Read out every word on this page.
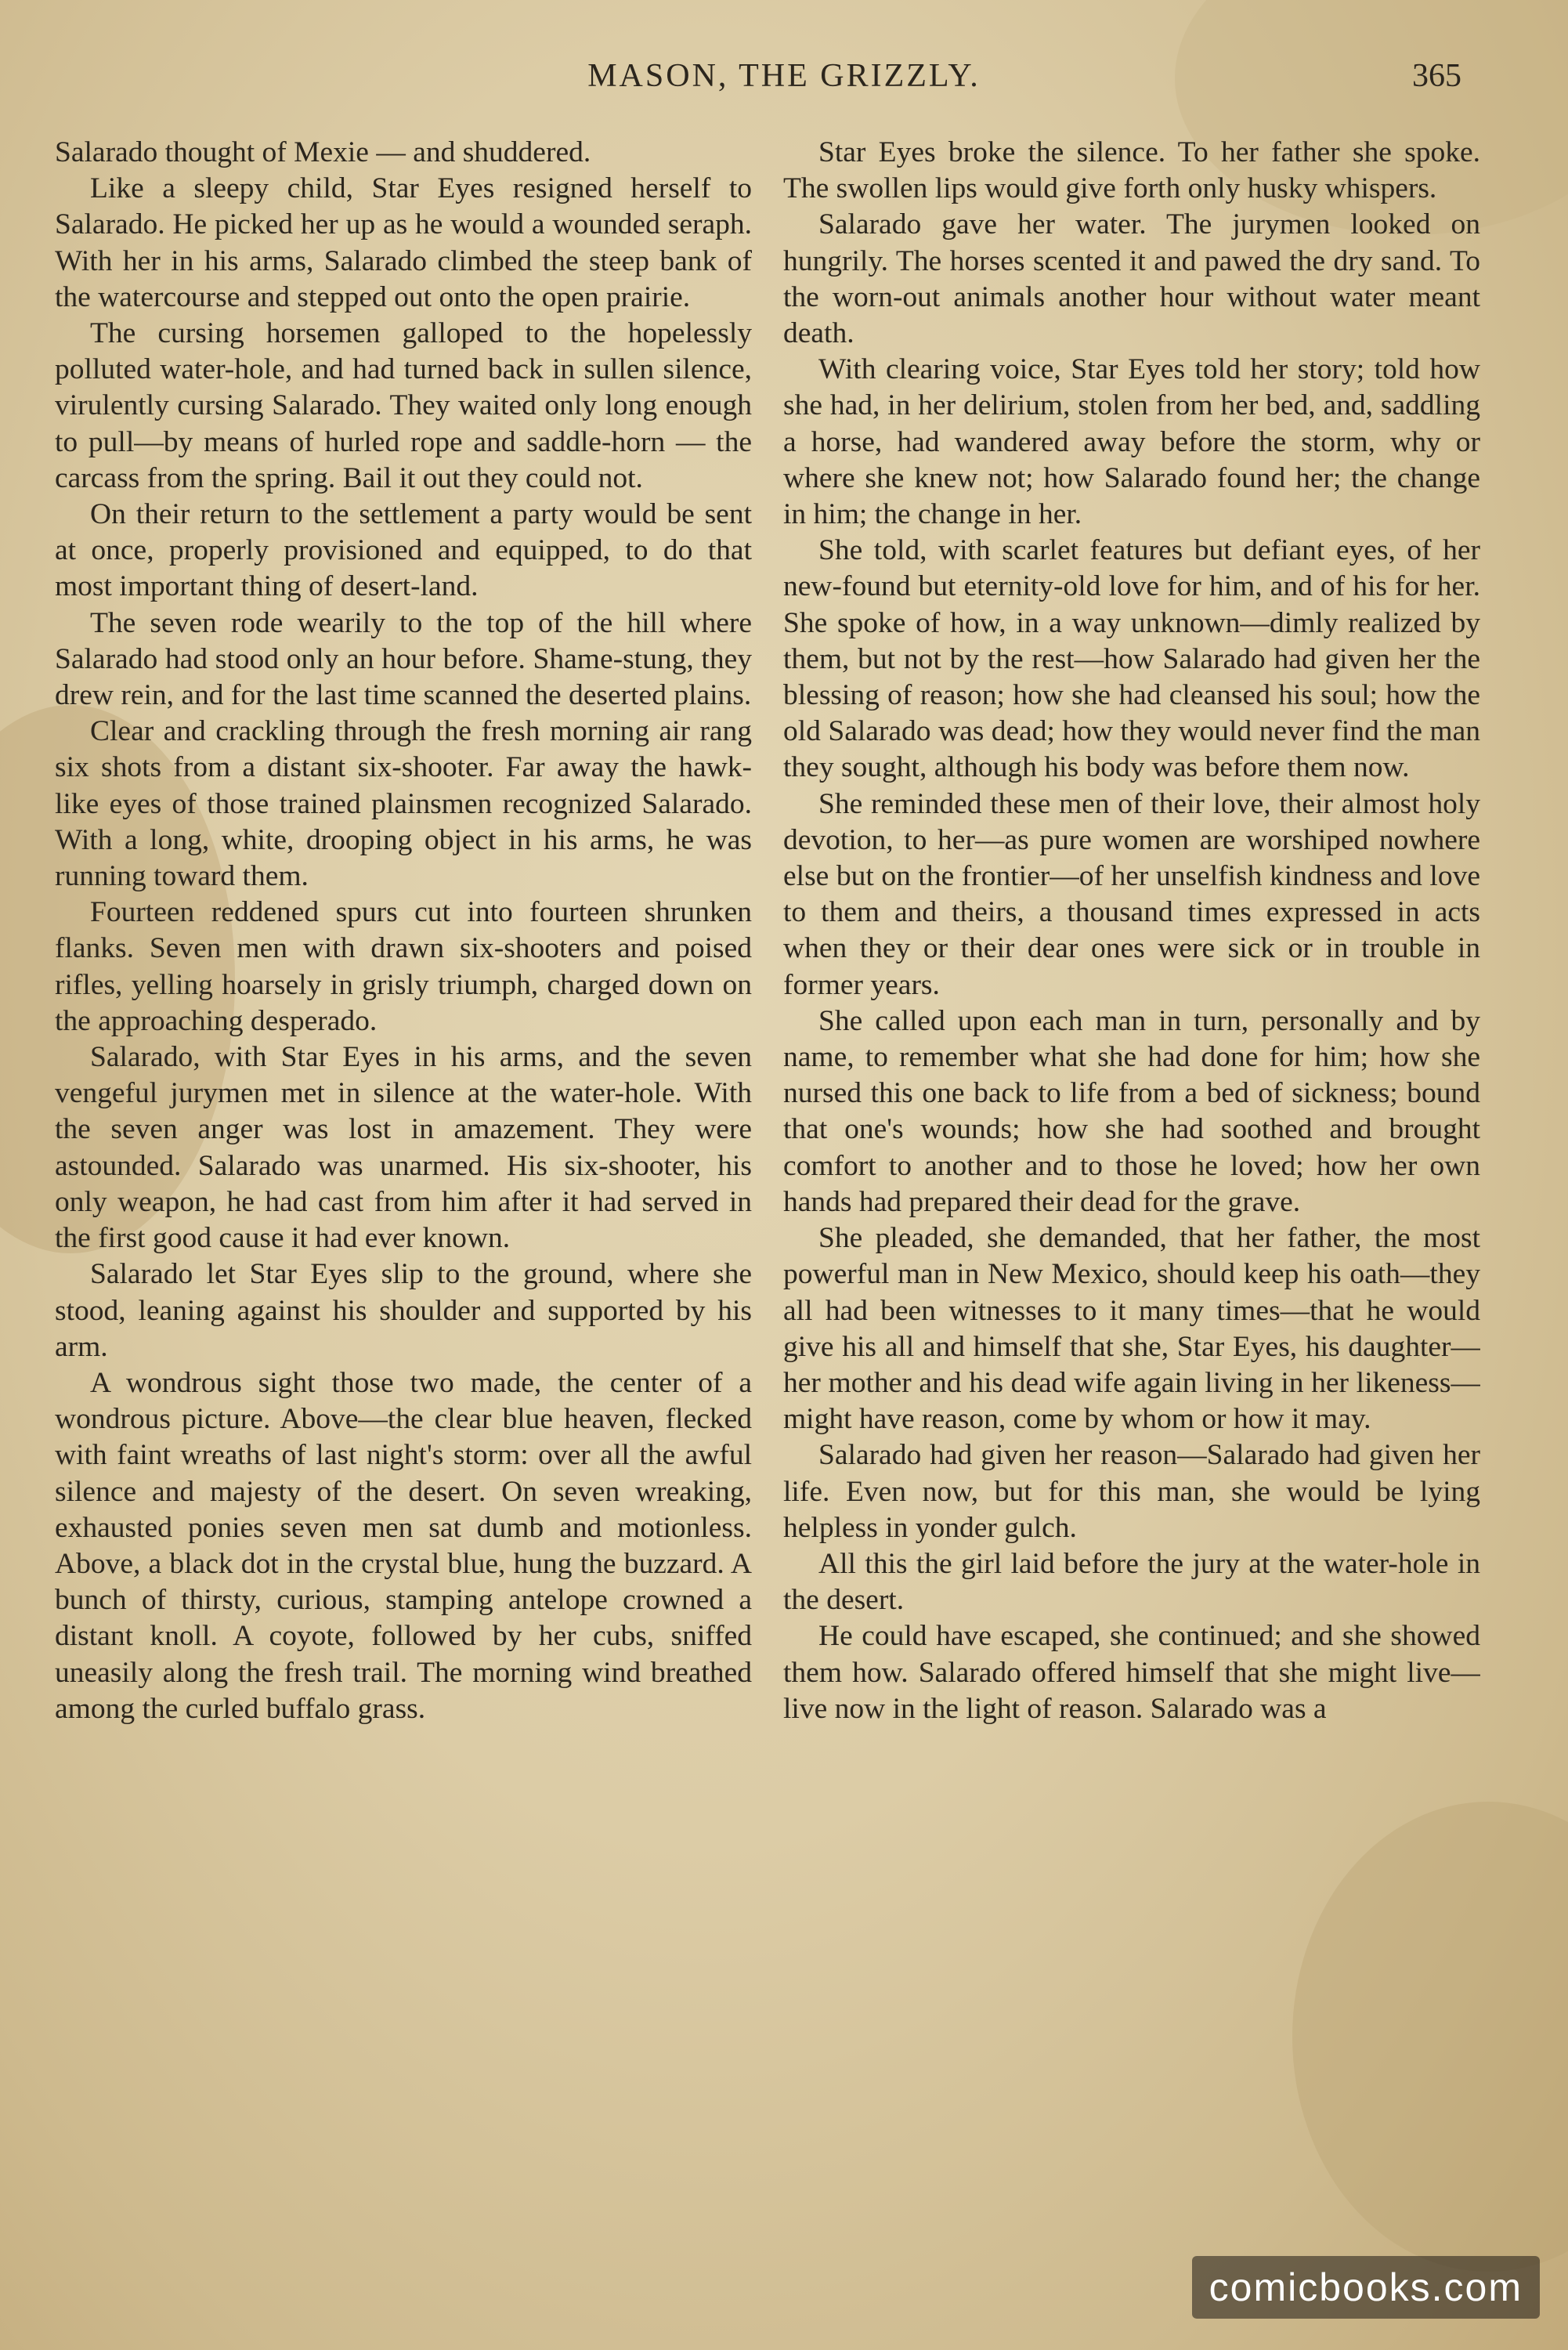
MASON, THE GRIZZLY.	365

Salarado thought of Mexie — and shuddered.

Like a sleepy child, Star Eyes resigned herself to Salarado. He picked her up as he would a wounded seraph. With her in his arms, Salarado climbed the steep bank of the watercourse and stepped out onto the open prairie.

The cursing horsemen galloped to the hopelessly polluted water-hole, and had turned back in sullen silence, virulently cursing Salarado. They waited only long enough to pull—by means of hurled rope and saddle-horn — the carcass from the spring. Bail it out they could not.

On their return to the settlement a party would be sent at once, properly provisioned and equipped, to do that most important thing of desert-land.

The seven rode wearily to the top of the hill where Salarado had stood only an hour before. Shame-stung, they drew rein, and for the last time scanned the deserted plains.

Clear and crackling through the fresh morning air rang six shots from a distant six-shooter. Far away the hawk-like eyes of those trained plainsmen recognized Salarado. With a long, white, drooping object in his arms, he was running toward them.

Fourteen reddened spurs cut into fourteen shrunken flanks. Seven men with drawn six-shooters and poised rifles, yelling hoarsely in grisly triumph, charged down on the approaching desperado.

Salarado, with Star Eyes in his arms, and the seven vengeful jurymen met in silence at the water-hole. With the seven anger was lost in amazement. They were astounded. Salarado was unarmed. His six-shooter, his only weapon, he had cast from him after it had served in the first good cause it had ever known.

Salarado let Star Eyes slip to the ground, where she stood, leaning against his shoulder and supported by his arm.

A wondrous sight those two made, the center of a wondrous picture. Above—the clear blue heaven, flecked with faint wreaths of last night's storm: over all the awful silence and majesty of the desert. On seven wreaking, exhausted ponies seven men sat dumb and motionless. Above, a black dot in the crystal blue, hung the buzzard. A bunch of thirsty, curious, stamping antelope crowned a distant knoll. A coyote, followed by her cubs, sniffed uneasily along the fresh trail. The morning wind breathed among the curled buffalo grass.

Star Eyes broke the silence. To her father she spoke. The swollen lips would give forth only husky whispers.

Salarado gave her water. The jurymen looked on hungrily. The horses scented it and pawed the dry sand. To the worn-out animals another hour without water meant death.

With clearing voice, Star Eyes told her story; told how she had, in her delirium, stolen from her bed, and, saddling a horse, had wandered away before the storm, why or where she knew not; how Salarado found her; the change in him; the change in her.

She told, with scarlet features but defiant eyes, of her new-found but eternity-old love for him, and of his for her. She spoke of how, in a way unknown—dimly realized by them, but not by the rest—how Salarado had given her the blessing of reason; how she had cleansed his soul; how the old Salarado was dead; how they would never find the man they sought, although his body was before them now.

She reminded these men of their love, their almost holy devotion, to her—as pure women are worshiped nowhere else but on the frontier—of her unselfish kindness and love to them and theirs, a thousand times expressed in acts when they or their dear ones were sick or in trouble in former years.

She called upon each man in turn, personally and by name, to remember what she had done for him; how she nursed this one back to life from a bed of sickness; bound that one's wounds; how she had soothed and brought comfort to another and to those he loved; how her own hands had prepared their dead for the grave.

She pleaded, she demanded, that her father, the most powerful man in New Mexico, should keep his oath—they all had been witnesses to it many times—that he would give his all and himself that she, Star Eyes, his daughter—her mother and his dead wife again living in her likeness—might have reason, come by whom or how it may.

Salarado had given her reason—Salarado had given her life. Even now, but for this man, she would be lying helpless in yonder gulch.

All this the girl laid before the jury at the water-hole in the desert.

He could have escaped, she continued; and she showed them how. Salarado offered himself that she might live—live now in the light of reason. Salarado was a

comicbooks.com
